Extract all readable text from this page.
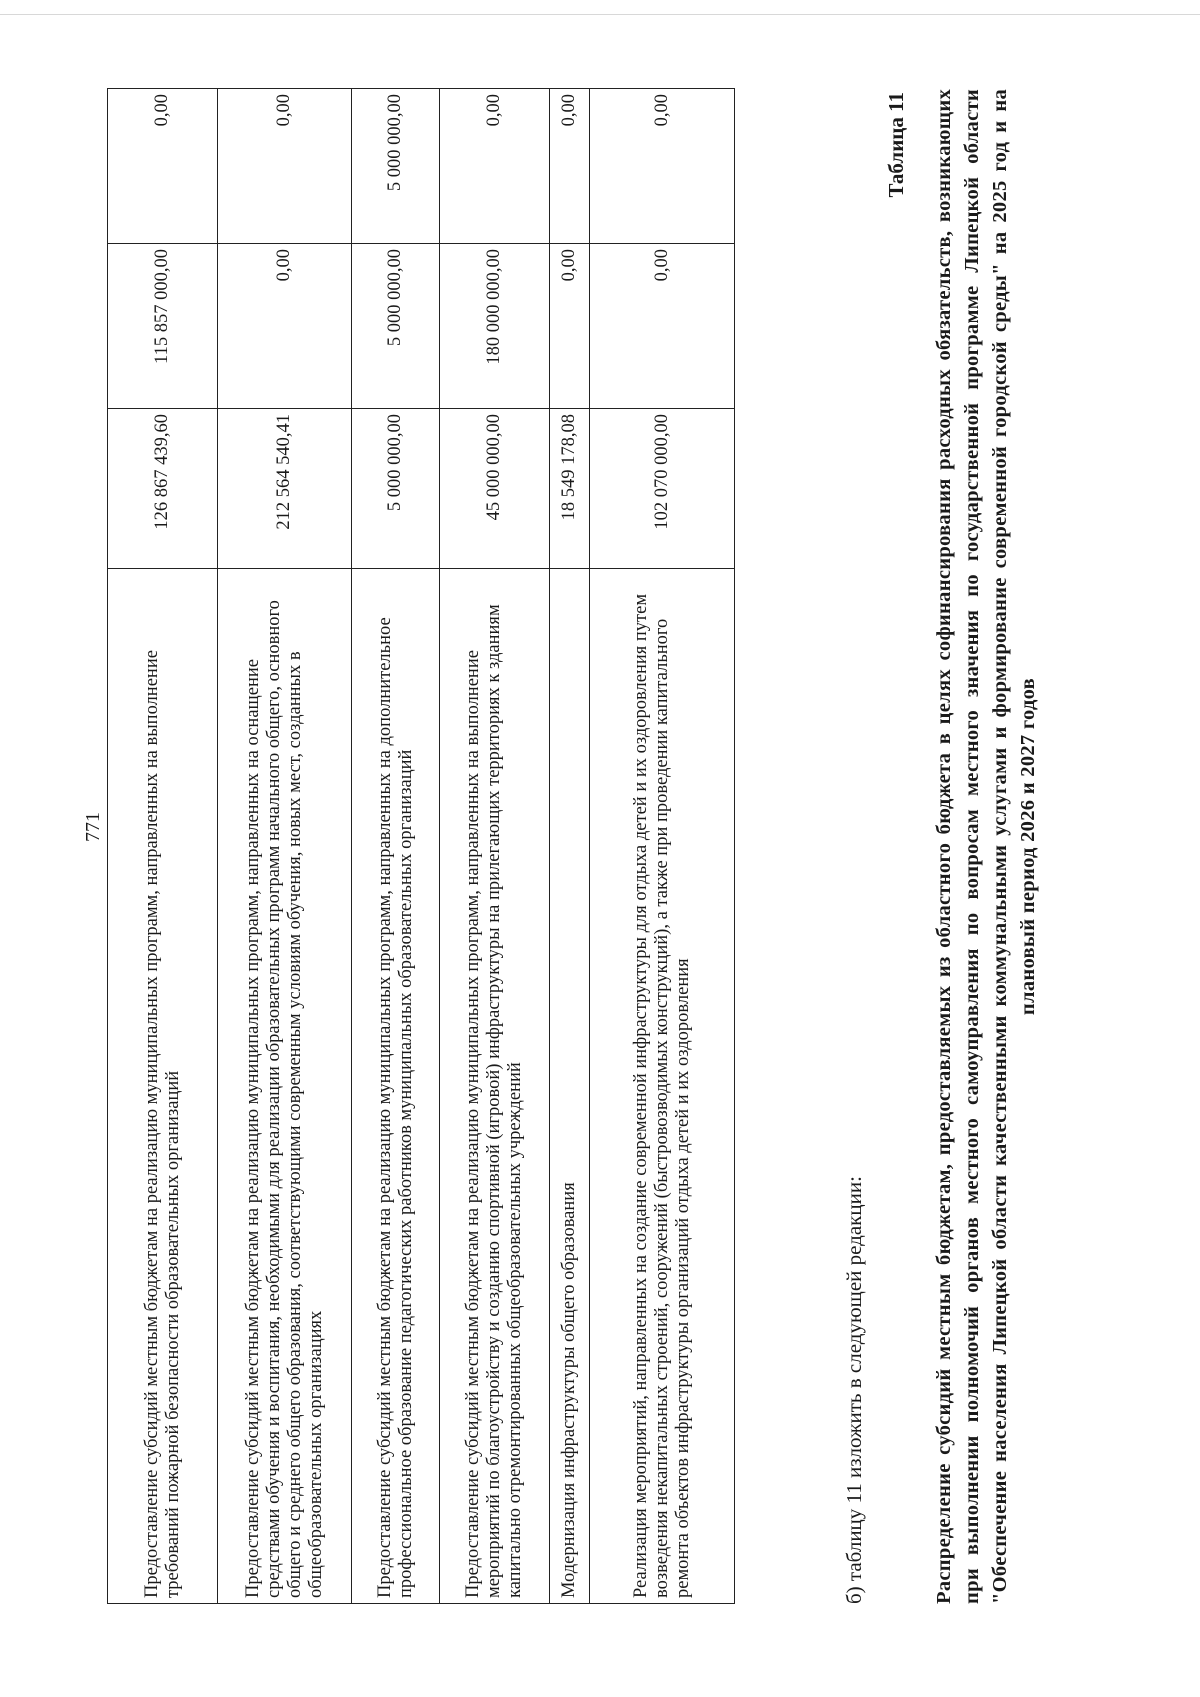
771 Предоставление субсидий местным бюджетам на реализацию муниципальных программ, направленных на выполнение требований пожарной безопасности образовательных организаций	126 867 439,60	115 857 000,00	0,00
Предоставление субсидий местным бюджетам на реализацию муниципальных программ, направленных на оснащение средствами обучения и воспитания, необходимыми для реализации образовательных программ начального общего, основного общего и среднего общего образования, соответствующими современным условиям обучения, новых мест, созданных в общеобразовательных организациях	212 564 540,41	0,00	0,00
Предоставление субсидий местным бюджетам на реализацию муниципальных программ, направленных на дополнительное профессиональное образование педагогических работников муниципальных образовательных организаций	5 000 000,00	5 000 000,00	5 000 000,00
Предоставление субсидий местным бюджетам на реализацию муниципальных программ, направленных на выполнение мероприятий по благоустройству и созданию спортивной (игровой) инфраструктуры на прилегающих территориях к зданиям капитально отремонтированных общеобразовательных учреждений	45 000 000,00	180 000 000,00	0,00
Модернизация инфраструктуры общего образования	18 549 178,08	0,00	0,00
Реализация мероприятий, направленных на создание современной инфраструктуры для отдыха детей и их оздоровления путем возведения некапитальных строений, сооружений (быстровозводимых конструкций), а также при проведении капитального ремонта объектов инфраструктуры организаций отдыха детей и их оздоровления	102 070 000,00	0,00	0,00
б) таблицу 11 изложить в следующей редакции:
Таблица 11 Распределение субсидий местным бюджетам, предоставляемых из областного бюджета в целях софинансирования расходных обязательств, возникающих при выполнении полномочий органов местного самоуправления по вопросам местного значения по государственной программе Липецкой области "Обеспечение населения Липецкой области качественными коммунальными услугами и формирование современной городской среды" на 2025 год и на плановый период 2026 и 2027 годов
